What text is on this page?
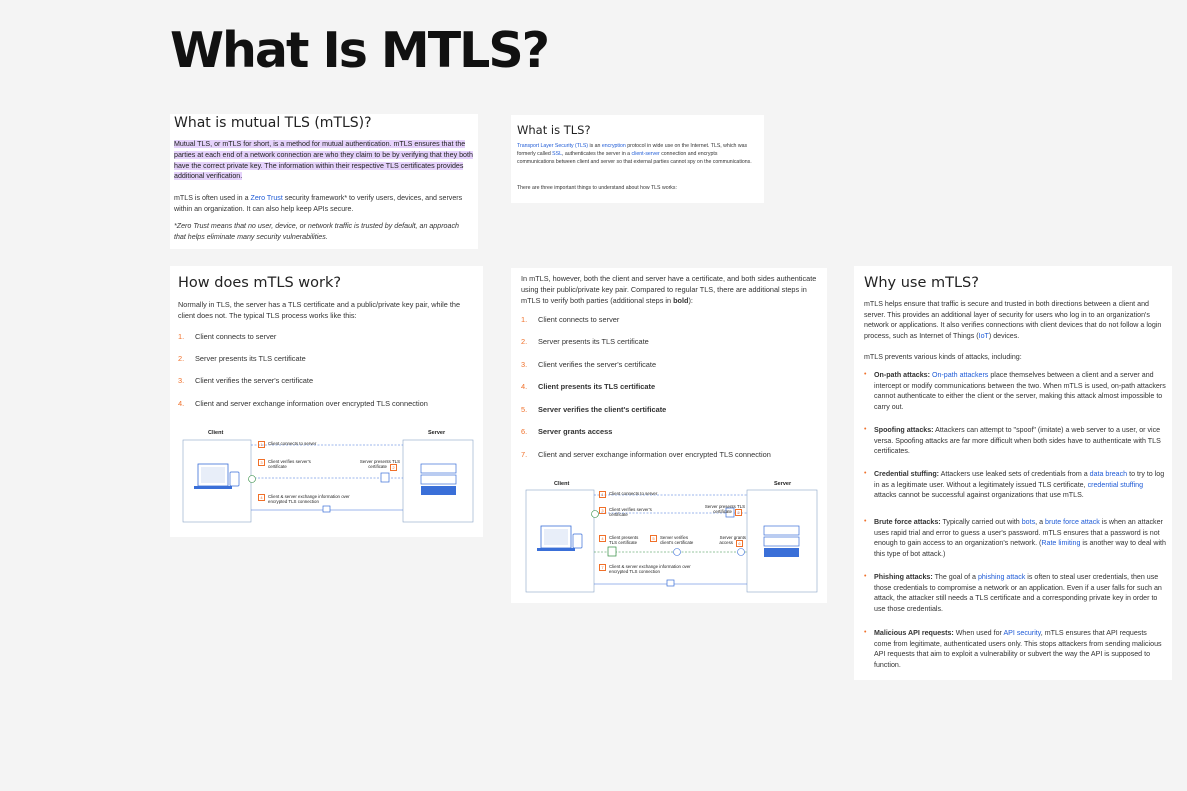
What Is MTLS?
What is mutual TLS (mTLS)?

Mutual TLS, or mTLS for short, is a method for mutual authentication. mTLS ensures that the parties at each end of a network connection are who they claim to be by verifying that they both have the correct private key. The information within their respective TLS certificates provides additional verification.

mTLS is often used in a Zero Trust security framework* to verify users, devices, and servers within an organization. It can also help keep APIs secure.

*Zero Trust means that no user, device, or network traffic is trusted by default, an approach that helps eliminate many security vulnerabilities.

What is TLS?

Transport Layer Security (TLS) is an encryption protocol in wide use on the Internet. TLS, which was formerly called SSL, authenticates the server in a client-server connection and encrypts communications between client and server so that external parties cannot spy on the communications.

There are three important things to understand about how TLS works:

How does mTLS work?

Normally in TLS, the server has a TLS certificate and a public/private key pair, while the client does not. The typical TLS process works like this:

1. Client connects to server
2. Server presents its TLS certificate
3. Client verifies the server's certificate
4. Client and server exchange information over encrypted TLS connection
Client	Server
1 Client connects to server
3	Client verifies server's certificate
Server presents TLS certificate 2
4	Client & server exchange information over encrypted TLS connection

In mTLS, however, both the client and server have a certificate, and both sides authenticate using their public/private key pair. Compared to regular TLS, there are additional steps in mTLS to verify both parties (additional steps in bold):

1. Client connects to server
2. Server presents its TLS certificate
3. Client verifies the server's certificate
4. Client presents its TLS certificate
5. Server verifies the client's certificate
6. Server grants access
7. Client and server exchange information over encrypted TLS connection
Client	Server
1 Client connects to server
Server presents TLS certificate 2
3	Client verifies server's certificate
4	Client presents TLS certificate
5	Server verifies client's certificate
Server grants access 6
7	Client & server exchange information over encrypted TLS connection
Why use mTLS?

mTLS helps ensure that traffic is secure and trusted in both directions between a client and server. This provides an additional layer of security for users who log in to an organization's network or applications. It also verifies connections with client devices that do not follow a login process, such as Internet of Things (IoT) devices.

mTLS prevents various kinds of attacks, including:

• On-path attacks: On-path attackers place themselves between a client and a server and intercept or modify communications between the two. When mTLS is used, on-path attackers cannot authenticate to either the client or the server, making this attack almost impossible to carry out.
• Spoofing attacks: Attackers can attempt to "spoof" (imitate) a web server to a user, or vice versa. Spoofing attacks are far more difficult when both sides have to authenticate with TLS certificates.
• Credential stuffing: Attackers use leaked sets of credentials from a data breach to try to log in as a legitimate user. Without a legitimately issued TLS certificate, credential stuffing attacks cannot be successful against organizations that use mTLS.
• Brute force attacks: Typically carried out with bots, a brute force attack is when an attacker uses rapid trial and error to guess a user's password. mTLS ensures that a password is not enough to gain access to an organization's network. (Rate limiting is another way to deal with this type of bot attack.)
• Phishing attacks: The goal of a phishing attack is often to steal user credentials, then use those credentials to compromise a network or an application. Even if a user falls for such an attack, the attacker still needs a TLS certificate and a corresponding private key in order to use those credentials.
• Malicious API requests: When used for API security, mTLS ensures that API requests come from legitimate, authenticated users only. This stops attackers from sending malicious API requests that aim to exploit a vulnerability or subvert the way the API is supposed to function.
